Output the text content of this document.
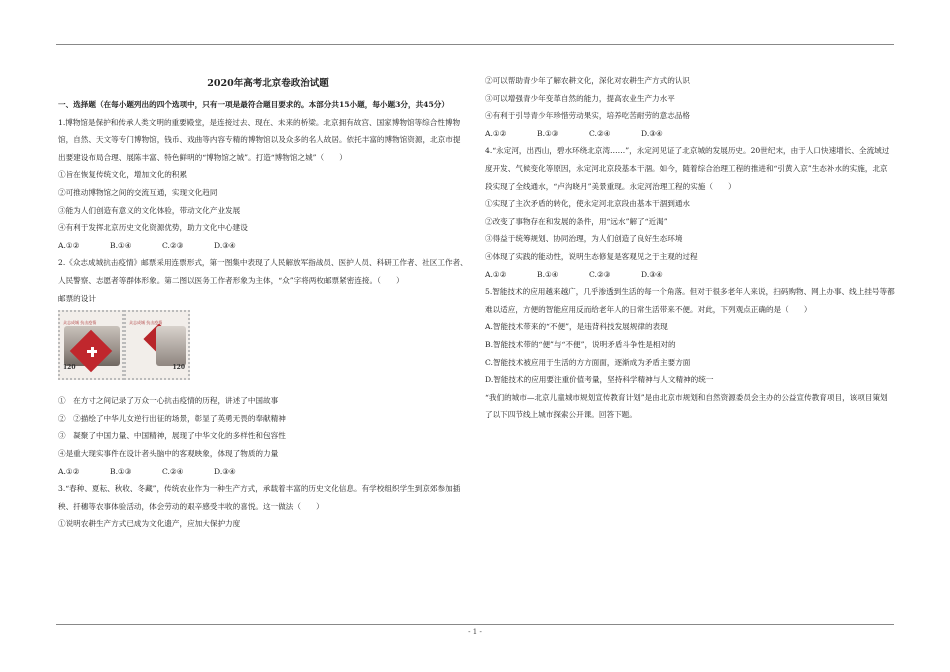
2020年高考北京卷政治试题

一、选择题（在每小题列出的四个选项中，只有一项是最符合题目要求的。本部分共15小题，每小题3分，共45分）

1.博物馆是保护和传承人类文明的重要殿堂，是连接过去、现在、未来的桥梁。北京拥有故宫、国家博物馆等综合性博物馆，自然、天文等专门博物馆，钱币、戏曲等内容专精的博物馆以及众多的名人故居。依托丰富的博物馆资源，北京市提出要建设布局合理、展陈丰富、特色鲜明的“博物馆之城”。打造“博物馆之城”（　　）

①旨在恢复传统文化，增加文化的积累

②可推动博物馆之间的交流互通，实现文化趋同

③能为人们创造有意义的文化体验，带动文化产业发展

④有利于发挥北京历史文化资源优势，助力文化中心建设

A.①②	B.①④	C.②③	D.③④

2.《众志成城抗击疫情》邮票采用连票形式，第一图集中表现了人民解放军指战员、医护人员、科研工作者、社区工作者、人民警察、志愿者等群体形象。第二图以医务工作者形象为主体，“众”字将两枚邮票紧密连接。（　　）

邮票的设计

众志成城 抗击疫情
120
众志成城 抗击疫情
120

①　在方寸之间记录了万众一心抗击疫情的历程，讲述了中国故事

②　②描绘了中华儿女逆行出征的场景，彰显了英勇无畏的奉献精神

③　凝聚了中国力量、中国精神，展现了中华文化的多样性和包容性

④是重大现实事件在设计者头脑中的客观映象，体现了物质的力量

A.①②	B.①③	C.②④	D.③④

3.“春种、夏耘、秋收、冬藏”，传统农业作为一种生产方式，承载着丰富的历史文化信息。有学校组织学生到京郊参加插秧、扦穗等农事体验活动，体会劳动的艰辛感受丰收的喜悦。这一做法（　　）

①说明农耕生产方式已成为文化遗产，应加大保护力度

②可以帮助青少年了解农耕文化，深化对农耕生产方式的认识

③可以增强青少年变革自然的能力，提高农业生产力水平

④有利于引导青少年珍惜劳动果实，培养吃苦耐劳的意志品格

A.①②	B.①③	C.②④	D.③④

4.“永定河，出西山，碧水环绕北京湾……”，永定河见证了北京城的发展历史。20世纪末，由于人口快速增长、全流域过度开发、气候变化等原因，永定河北京段基本干涸。如今，随着综合治理工程的推进和“引黄入京”生态补水的实施，北京段实现了全线通水，“卢沟晓月”美景重现。永定河治理工程的实施（　　）

①实现了主次矛盾的转化，使永定河北京段由基本干涸到通水

②改变了事物存在和发展的条件，用“远水”解了“近渴”

③得益于统筹规划、协同治理，为人们创造了良好生态环境

④体现了实践的能动性，说明生态修复是客观见之于主观的过程

A.①②	B.①④	C.②③	D.③④

5.智能技术的应用越来越广，几乎渗透到生活的每一个角落。但对于很多老年人来说，扫码购物、网上办事、线上挂号等都难以适应，方便的智能应用反而给老年人的日常生活带来不便。对此，下列观点正确的是（　　）

A.智能技术带来的“不便”，是违背科技发展规律的表现

B.智能技术带的“便”与“不便”，说明矛盾斗争性是相对的

C.智能技术被应用于生活的方方面面，逐渐成为矛盾主要方面

D.智能技术的应用要注重价值考量，坚持科学精神与人文精神的统一

“我们的城市—北京儿童城市规划宣传教育计划”是由北京市规划和自然资源委员会主办的公益宣传教育项目，该项目策划了以下四节线上城市探索公开课。回答下题。

- 1 -
